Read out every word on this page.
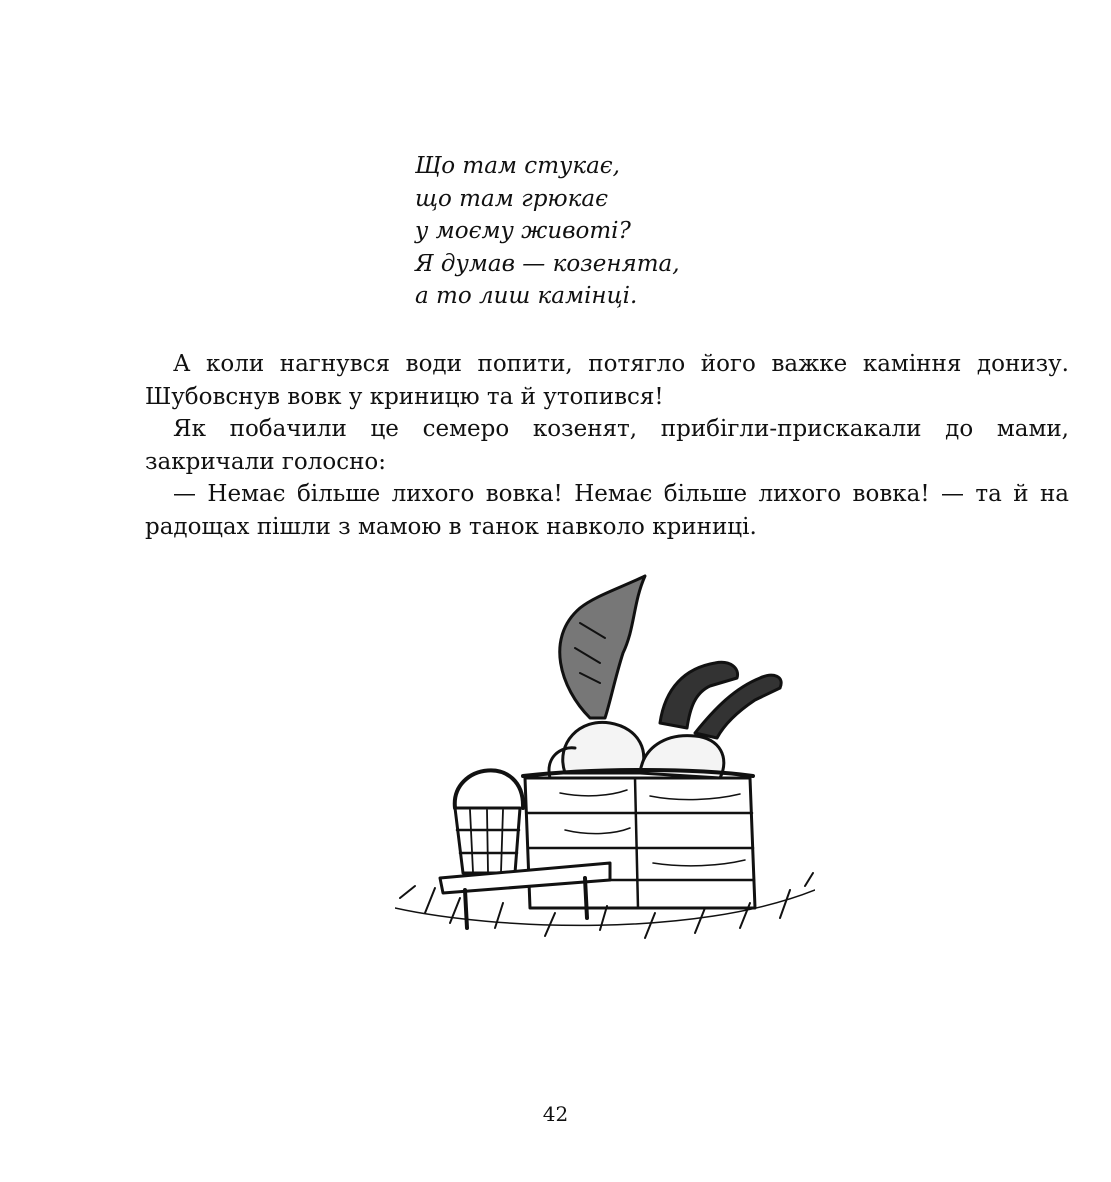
Що там стукає,
що там грюкає
у моєму животі?
Я думав — козенята,
а то лиш камінці.

А коли нагнувся води попити, потягло його важке каміння донизу. Шубовснув вовк у криницю та й утопився!

Як побачили це семеро козенят, прибігли-прискакали до мами, закричали голосно:

— Немає більше лихого вовка! Немає більше лихого вовка! — та й на радощах пішли з мамою в танок навколо криниці.

42
